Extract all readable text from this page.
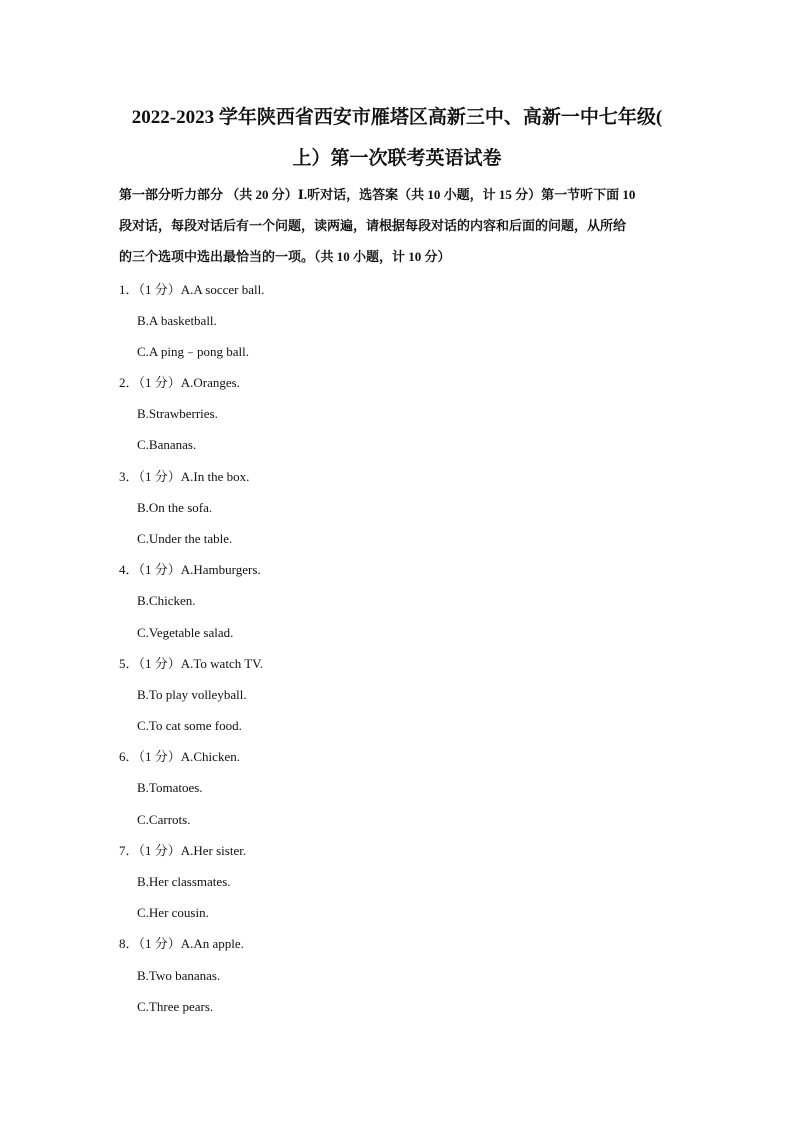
2022-2023 学年陕西省西安市雁塔区高新三中、高新一中七年级(
上）第一次联考英语试卷
第一部分听力部分 （共 20 分）Ⅰ.听对话，选答案（共 10 小题，计 15 分）第一节听下面 10
段对话，每段对话后有一个问题，读两遍，请根据每段对话的内容和后面的问题，从所给
的三个选项中选出最恰当的一项。（共 10 小题，计 10 分）
1．（1 分）A.A soccer ball.
B.A basketball.
C.A ping﹣pong ball.
2．（1 分）A.Oranges.
B.Strawberries.
C.Bananas.
3．（1 分）A.In the box.
B.On the sofa.
C.Under the table.
4．（1 分）A.Hamburgers.
B.Chicken.
C.Vegetable salad.
5．（1 分）A.To watch TV.
B.To play volleyball.
C.To cat some food.
6．（1 分）A.Chicken.
B.Tomatoes.
C.Carrots.
7．（1 分）A.Her sister.
B.Her classmates.
C.Her cousin.
8．（1 分）A.An apple.
B.Two bananas.
C.Three pears.
